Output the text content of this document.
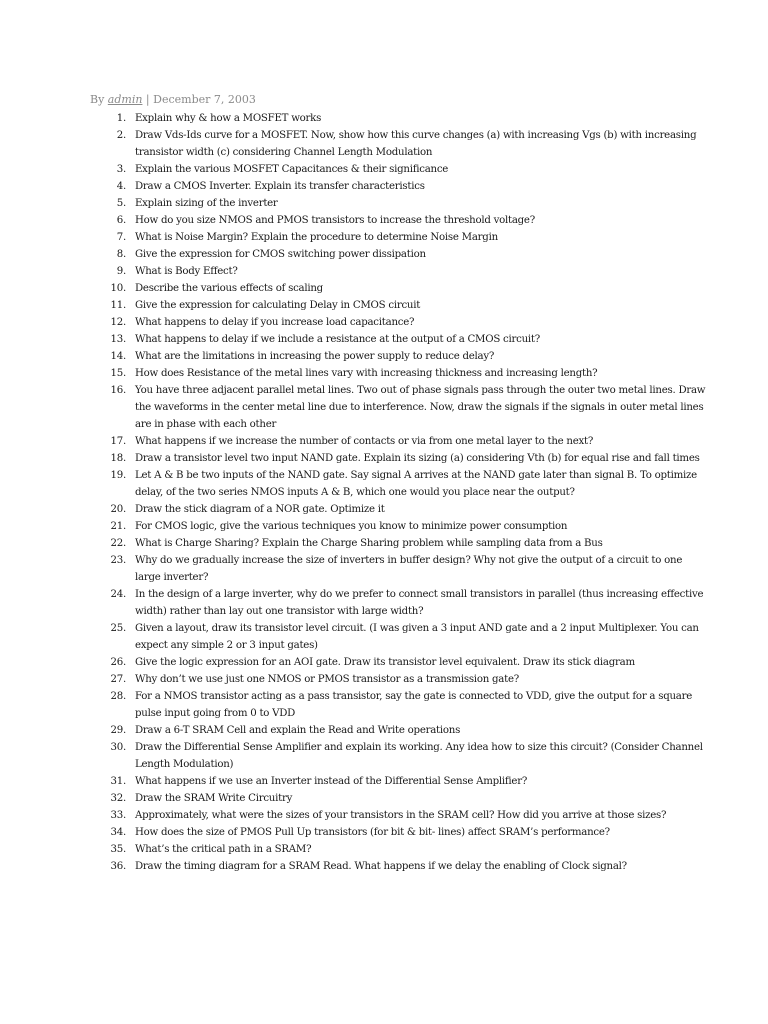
By admin | December 7, 2003
1. Explain why & how a MOSFET works
2. Draw Vds-Ids curve for a MOSFET. Now, show how this curve changes (a) with increasing Vgs (b) with increasing transistor width (c) considering Channel Length Modulation
3. Explain the various MOSFET Capacitances & their significance
4. Draw a CMOS Inverter. Explain its transfer characteristics
5. Explain sizing of the inverter
6. How do you size NMOS and PMOS transistors to increase the threshold voltage?
7. What is Noise Margin? Explain the procedure to determine Noise Margin
8. Give the expression for CMOS switching power dissipation
9. What is Body Effect?
10. Describe the various effects of scaling
11. Give the expression for calculating Delay in CMOS circuit
12. What happens to delay if you increase load capacitance?
13. What happens to delay if we include a resistance at the output of a CMOS circuit?
14. What are the limitations in increasing the power supply to reduce delay?
15. How does Resistance of the metal lines vary with increasing thickness and increasing length?
16. You have three adjacent parallel metal lines. Two out of phase signals pass through the outer two metal lines. Draw the waveforms in the center metal line due to interference. Now, draw the signals if the signals in outer metal lines are in phase with each other
17. What happens if we increase the number of contacts or via from one metal layer to the next?
18. Draw a transistor level two input NAND gate. Explain its sizing (a) considering Vth (b) for equal rise and fall times
19. Let A & B be two inputs of the NAND gate. Say signal A arrives at the NAND gate later than signal B. To optimize delay, of the two series NMOS inputs A & B, which one would you place near the output?
20. Draw the stick diagram of a NOR gate. Optimize it
21. For CMOS logic, give the various techniques you know to minimize power consumption
22. What is Charge Sharing? Explain the Charge Sharing problem while sampling data from a Bus
23. Why do we gradually increase the size of inverters in buffer design? Why not give the output of a circuit to one large inverter?
24. In the design of a large inverter, why do we prefer to connect small transistors in parallel (thus increasing effective width) rather than lay out one transistor with large width?
25. Given a layout, draw its transistor level circuit. (I was given a 3 input AND gate and a 2 input Multiplexer. You can expect any simple 2 or 3 input gates)
26. Give the logic expression for an AOI gate. Draw its transistor level equivalent. Draw its stick diagram
27. Why don’t we use just one NMOS or PMOS transistor as a transmission gate?
28. For a NMOS transistor acting as a pass transistor, say the gate is connected to VDD, give the output for a square pulse input going from 0 to VDD
29. Draw a 6-T SRAM Cell and explain the Read and Write operations
30. Draw the Differential Sense Amplifier and explain its working. Any idea how to size this circuit? (Consider Channel Length Modulation)
31. What happens if we use an Inverter instead of the Differential Sense Amplifier?
32. Draw the SRAM Write Circuitry
33. Approximately, what were the sizes of your transistors in the SRAM cell? How did you arrive at those sizes?
34. How does the size of PMOS Pull Up transistors (for bit & bit- lines) affect SRAM’s performance?
35. What’s the critical path in a SRAM?
36. Draw the timing diagram for a SRAM Read. What happens if we delay the enabling of Clock signal?
